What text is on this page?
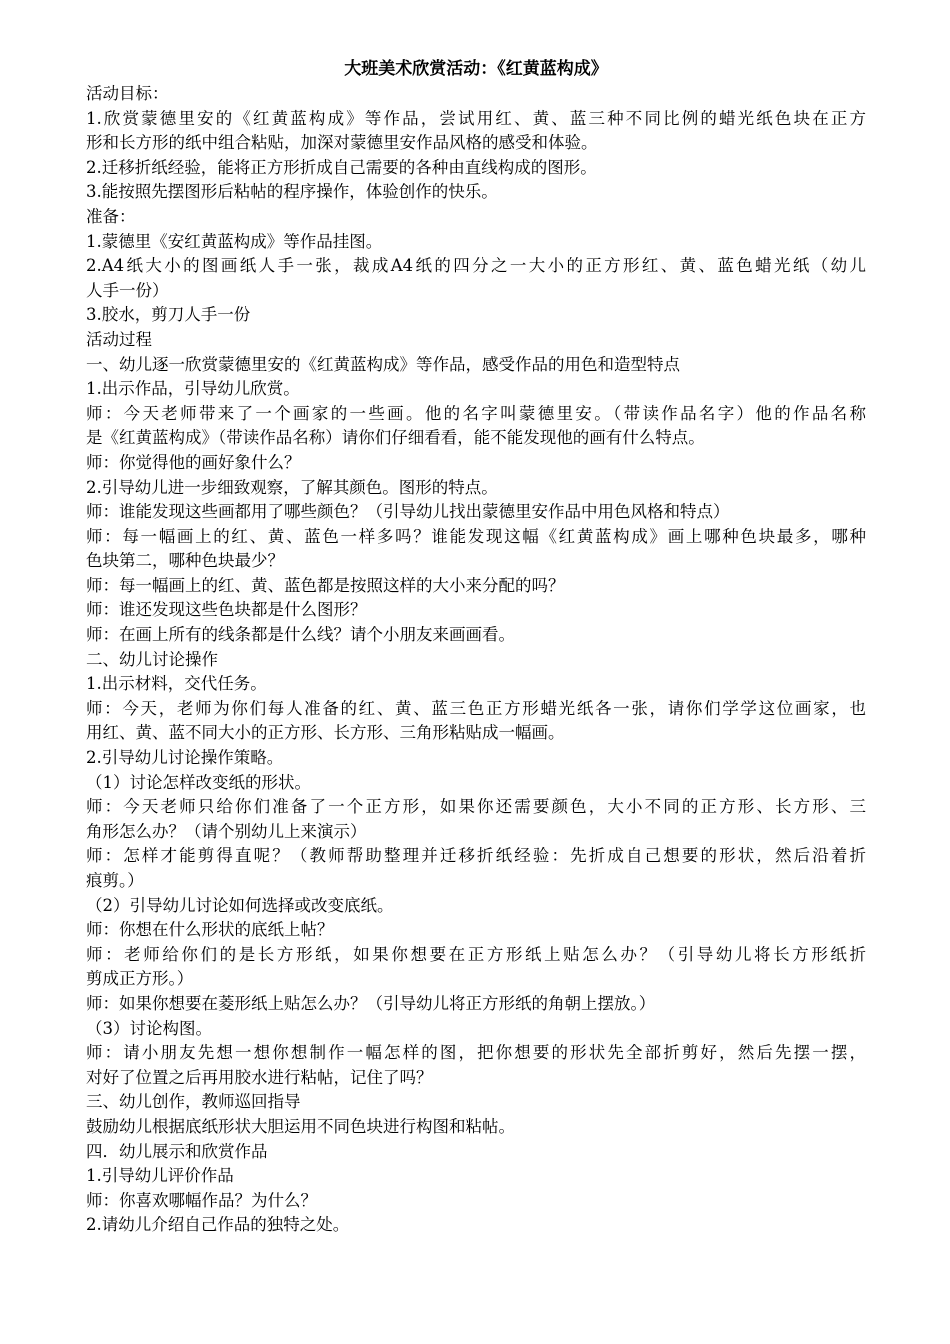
大班美术欣赏活动：《红黄蓝构成》
活动目标：
1.欣赏蒙德里安的《红黄蓝构成》等作品，尝试用红、黄、蓝三种不同比例的蜡光纸色块在正方
形和长方形的纸中组合粘贴，加深对蒙德里安作品风格的感受和体验。
2.迁移折纸经验，能将正方形折成自己需要的各种由直线构成的图形。
3.能按照先摆图形后粘帖的程序操作，体验创作的快乐。
准备：
1.蒙德里《安红黄蓝构成》等作品挂图。
2.A4纸大小的图画纸人手一张，裁成A4纸的四分之一大小的正方形红、黄、蓝色蜡光纸（幼儿
人手一份）
3.胶水，剪刀人手一份
活动过程
一、幼儿逐一欣赏蒙德里安的《红黄蓝构成》等作品，感受作品的用色和造型特点
1.出示作品，引导幼儿欣赏。
师：今天老师带来了一个画家的一些画。他的名字叫蒙德里安。（带读作品名字）他的作品名称
是《红黄蓝构成》（带读作品名称）请你们仔细看看，能不能发现他的画有什么特点。
师：你觉得他的画好象什么？
2.引导幼儿进一步细致观察，了解其颜色。图形的特点。
师：谁能发现这些画都用了哪些颜色？（引导幼儿找出蒙德里安作品中用色风格和特点）
师：每一幅画上的红、黄、蓝色一样多吗？谁能发现这幅《红黄蓝构成》画上哪种色块最多，哪种
色块第二，哪种色块最少？
师：每一幅画上的红、黄、蓝色都是按照这样的大小来分配的吗？
师：谁还发现这些色块都是什么图形？
师：在画上所有的线条都是什么线？请个小朋友来画画看。
二、幼儿讨论操作
1.出示材料，交代任务。
师：今天，老师为你们每人准备的红、黄、蓝三色正方形蜡光纸各一张，请你们学学这位画家，也
用红、黄、蓝不同大小的正方形、长方形、三角形粘贴成一幅画。
2.引导幼儿讨论操作策略。
（1）讨论怎样改变纸的形状。
师：今天老师只给你们准备了一个正方形，如果你还需要颜色，大小不同的正方形、长方形、三
角形怎么办？（请个别幼儿上来演示）
师：怎样才能剪得直呢？（教师帮助整理并迁移折纸经验：先折成自己想要的形状，然后沿着折
痕剪。）
（2）引导幼儿讨论如何选择或改变底纸。
师：你想在什么形状的底纸上帖？
师：老师给你们的是长方形纸，如果你想要在正方形纸上贴怎么办？（引导幼儿将长方形纸折
剪成正方形。）
师：如果你想要在菱形纸上贴怎么办？（引导幼儿将正方形纸的角朝上摆放。）
（3）讨论构图。
师：请小朋友先想一想你想制作一幅怎样的图，把你想要的形状先全部折剪好，然后先摆一摆，
对好了位置之后再用胶水进行粘帖，记住了吗？
三、幼儿创作，教师巡回指导
鼓励幼儿根据底纸形状大胆运用不同色块进行构图和粘帖。
四．幼儿展示和欣赏作品
1.引导幼儿评价作品
师：你喜欢哪幅作品？为什么？
2.请幼儿介绍自己作品的独特之处。
